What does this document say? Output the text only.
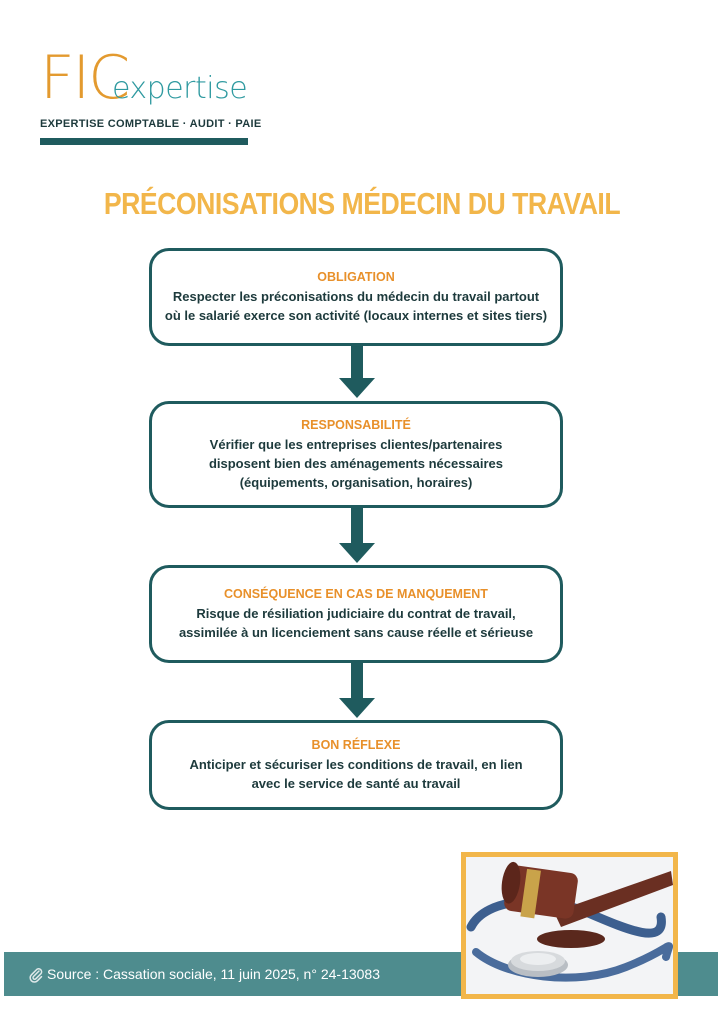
FIC
expertise
EXPERTISE COMPTABLE · AUDIT · PAIE
PRÉCONISATIONS MÉDECIN DU TRAVAIL
OBLIGATION
Respecter les préconisations du médecin du travail partout où le salarié exerce son activité (locaux internes et sites tiers)
RESPONSABILITÉ
Vérifier que les entreprises clientes/partenaires disposent bien des aménagements nécessaires (équipements, organisation, horaires)
CONSÉQUENCE EN CAS DE MANQUEMENT
Risque de résiliation judiciaire du contrat de travail, assimilée à un licenciement sans cause réelle et sérieuse
BON RÉFLEXE
Anticiper et sécuriser les conditions de travail, en lien avec le service de santé au travail
Source : Cassation sociale, 11 juin 2025, n° 24-13083
